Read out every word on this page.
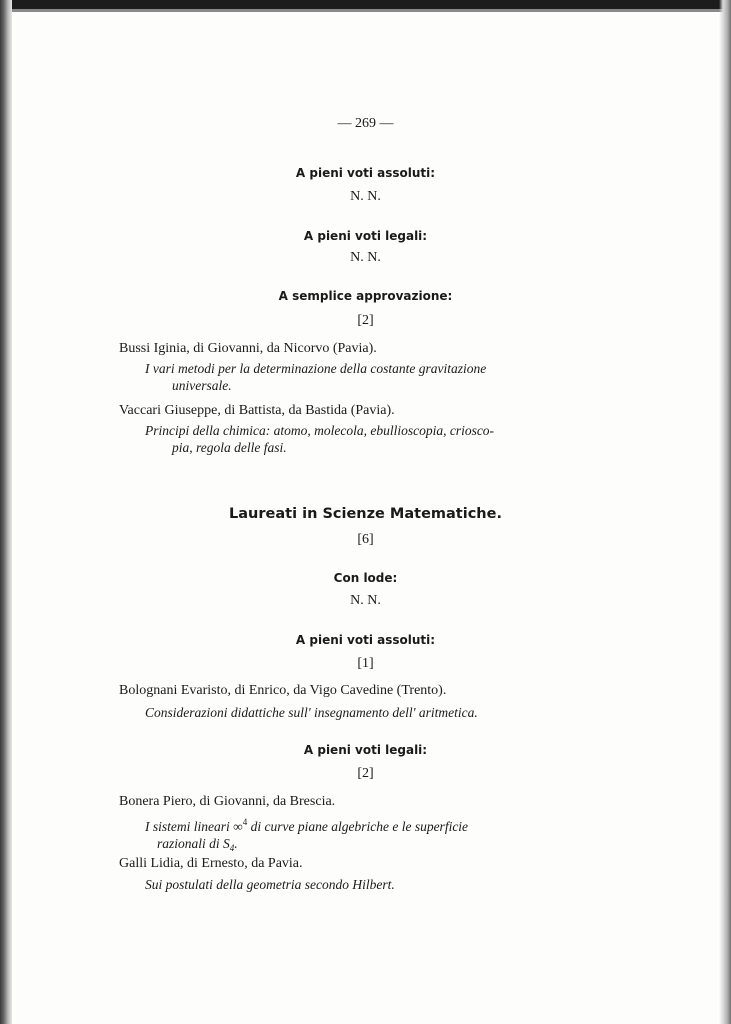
— 269 —
A pieni voti assoluti:
N. N.
A pieni voti legali:
N. N.
A semplice approvazione:
[2]
Bussi Iginia, di Giovanni, da Nicorvo (Pavia).
I vari metodi per la determinazione della costante gravitazione
universale.
Vaccari Giuseppe, di Battista, da Bastida (Pavia).
Principi della chimica: atomo, molecola, ebullioscopia, criosco-
pia, regola delle fasi.
Laureati in Scienze Matematiche.
[6]
Con lode:
N. N.
A pieni voti assoluti:
[1]
Bolognani Evaristo, di Enrico, da Vigo Cavedine (Trento).
Considerazioni didattiche sull' insegnamento dell' aritmetica.
A pieni voti legali:
[2]
Bonera Piero, di Giovanni, da Brescia.
I sistemi lineari ∞$^4$ di curve piane algebriche e le superficie
razionali di $S_4$.
Galli Lidia, di Ernesto, da Pavia.
Sui postulati della geometria secondo Hilbert.
